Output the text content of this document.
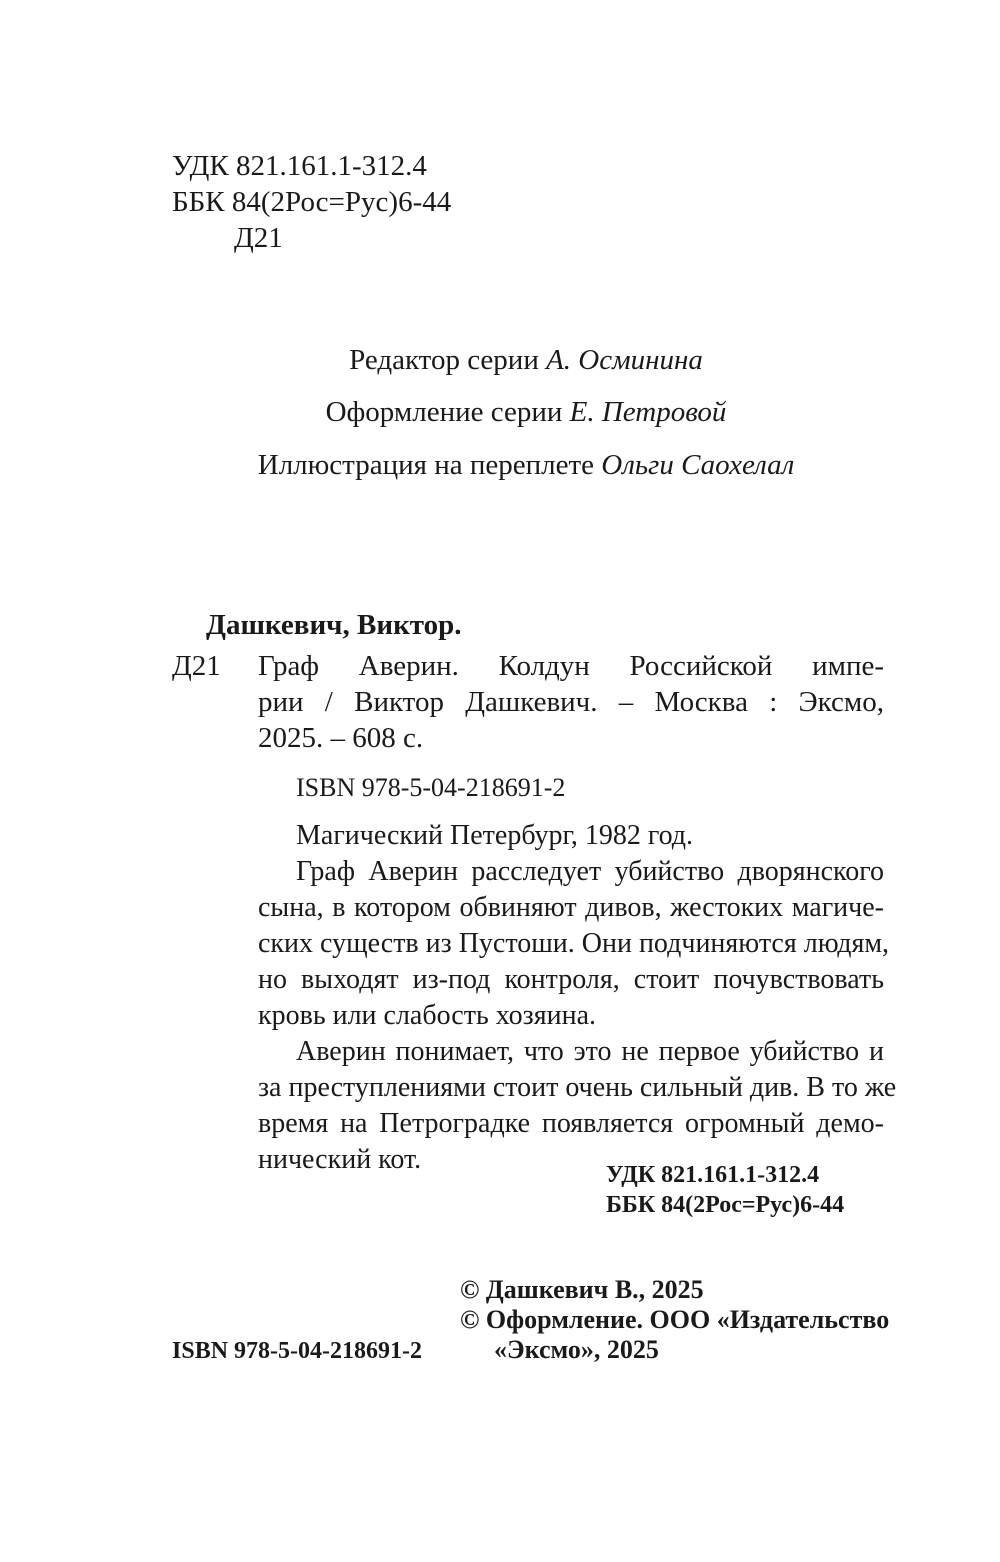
УДК 821.161.1-312.4
ББК 84(2Рос=Рус)6-44
Д21
Редактор серии А. Осминина
Оформление серии Е. Петровой
Иллюстрация на переплете Ольги Саохелал
Дашкевич, Виктор.
Д21 Граф Аверин. Колдун Российской импе-
рии / Виктор Дашкевич. – Москва : Эксмо,
2025. – 608 с.
ISBN 978-5-04-218691-2
Магический Петербург, 1982 год.
Граф Аверин расследует убийство дворянского
сына, в котором обвиняют дивов, жестоких магиче-
ских существ из Пустоши. Они подчиняются людям,
но выходят из-под контроля, стоит почувствовать
кровь или слабость хозяина.
Аверин понимает, что это не первое убийство и
за преступлениями стоит очень сильный див. В то же
время на Петроградке появляется огромный демо-
нический кот.	УДК 821.161.1-312.4
ББК 84(2Рос=Рус)6-44
ISBN 978-5-04-218691-2
© Дашкевич В., 2025
© Оформление. ООО «Издательство
«Эксмо», 2025
